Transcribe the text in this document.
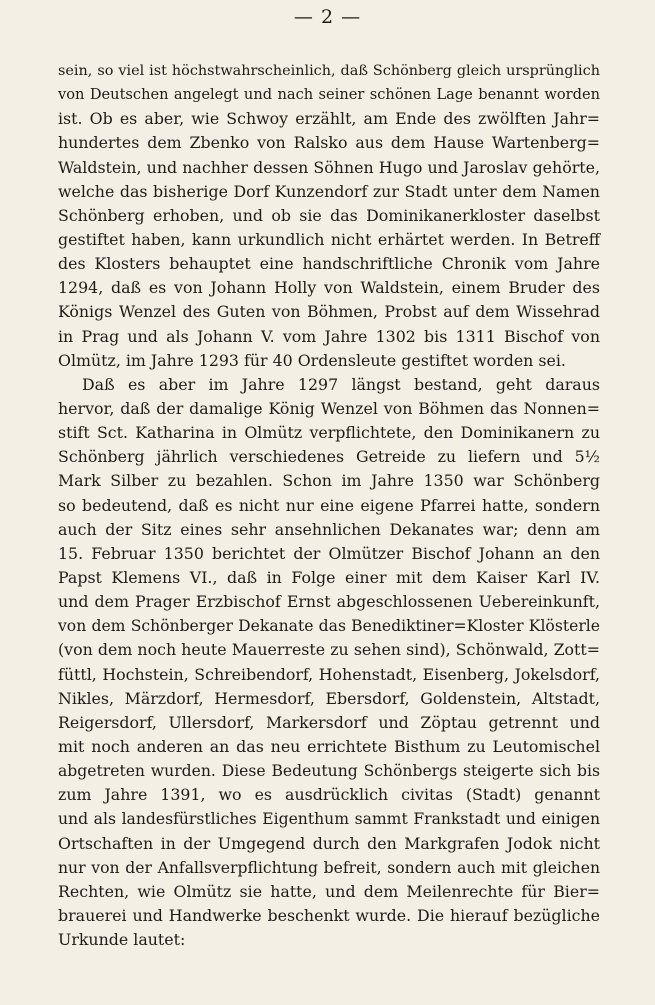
— 2 —
sein, so viel ist höchstwahrscheinlich, daß Schönberg gleich ursprünglich
von Deutschen angelegt und nach seiner schönen Lage benannt worden
ist. Ob es aber, wie Schwoy erzählt, am Ende des zwölften Jahr=
hundertes dem Zbenko von Ralsko aus dem Hause Wartenberg=
Waldstein, und nachher dessen Söhnen Hugo und Jaroslav gehörte,
welche das bisherige Dorf Kunzendorf zur Stadt unter dem Namen
Schönberg erhoben, und ob sie das Dominikanerkloster daselbst
gestiftet haben, kann urkundlich nicht erhärtet werden. In Betreff
des Klosters behauptet eine handschriftliche Chronik vom Jahre
1294, daß es von Johann Holly von Waldstein, einem Bruder des
Königs Wenzel des Guten von Böhmen, Probst auf dem Wissehrad
in Prag und als Johann V. vom Jahre 1302 bis 1311 Bischof von
Olmütz, im Jahre 1293 für 40 Ordensleute gestiftet worden sei.
Daß es aber im Jahre 1297 längst bestand, geht daraus
hervor, daß der damalige König Wenzel von Böhmen das Nonnen=
stift Sct. Katharina in Olmütz verpflichtete, den Dominikanern zu
Schönberg jährlich verschiedenes Getreide zu liefern und 5½
Mark Silber zu bezahlen. Schon im Jahre 1350 war Schönberg
so bedeutend, daß es nicht nur eine eigene Pfarrei hatte, sondern
auch der Sitz eines sehr ansehnlichen Dekanates war; denn am
15. Februar 1350 berichtet der Olmützer Bischof Johann an den
Papst Klemens VI., daß in Folge einer mit dem Kaiser Karl IV.
und dem Prager Erzbischof Ernst abgeschlossenen Uebereinkunft,
von dem Schönberger Dekanate das Benediktiner=Kloster Klösterle
(von dem noch heute Mauerreste zu sehen sind), Schönwald, Zott=
füttl, Hochstein, Schreibendorf, Hohenstadt, Eisenberg, Jokelsdorf,
Nikles, Märzdorf, Hermesdorf, Ebersdorf, Goldenstein, Altstadt,
Reigersdorf, Ullersdorf, Markersdorf und Zöptau getrennt und
mit noch anderen an das neu errichtete Bisthum zu Leutomischel
abgetreten wurden. Diese Bedeutung Schönbergs steigerte sich bis
zum Jahre 1391, wo es ausdrücklich civitas (Stadt) genannt
und als landesfürstliches Eigenthum sammt Frankstadt und einigen
Ortschaften in der Umgegend durch den Markgrafen Jodok nicht
nur von der Anfallsverpflichtung befreit, sondern auch mit gleichen
Rechten, wie Olmütz sie hatte, und dem Meilenrechte für Bier=
brauerei und Handwerke beschenkt wurde. Die hierauf bezügliche
Urkunde lautet:
